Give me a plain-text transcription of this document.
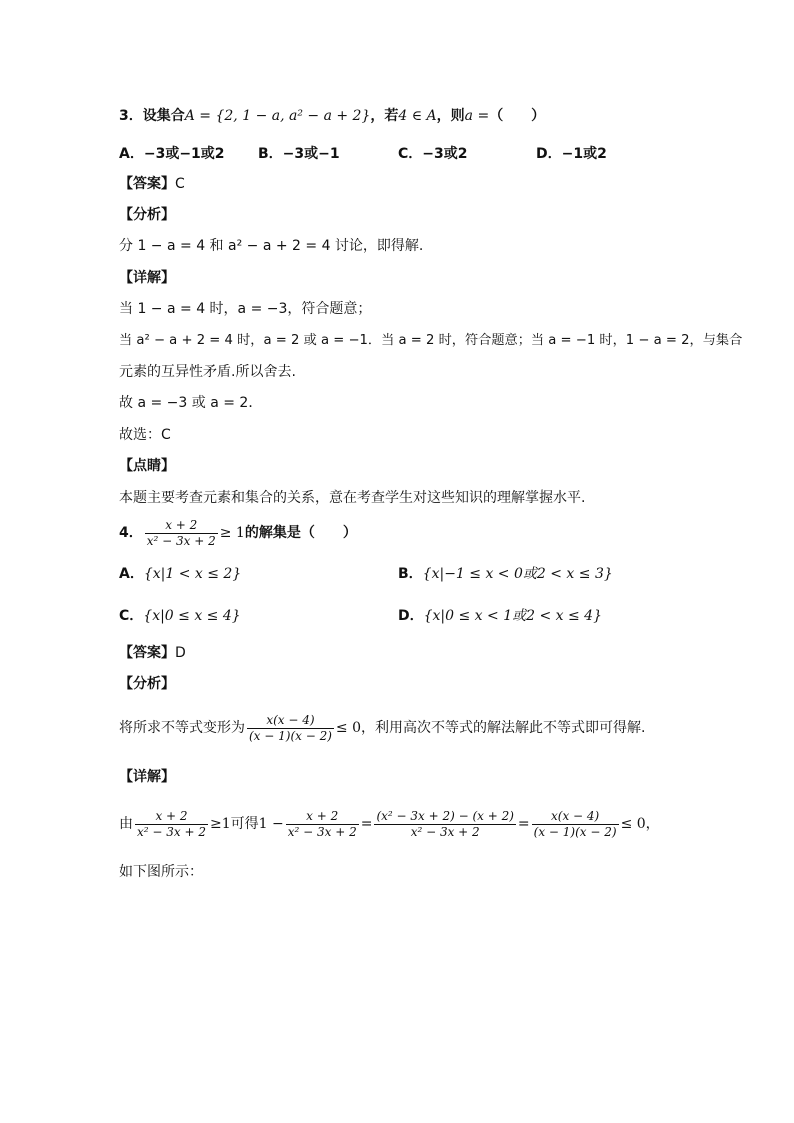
3．设集合A = {2, 1 − a, a² − a + 2}，若4 ∈ A，则a =（　　）
A．−3或−1或2 B．−3或−1	C．−3或2	D．−1或2
【答案】C
【分析】
分 1 − a = 4 和 a² − a + 2 = 4 讨论，即得解.
【详解】
当 1 − a = 4 时，a = −3，符合题意；
当 a² − a + 2 = 4 时，a = 2 或 a = −1．当 a = 2 时，符合题意；当 a = −1 时，1 − a = 2，与集合
元素的互异性矛盾.所以舍去.
故 a = −3 或 a = 2．
故选：C
【点睛】
本题主要考查元素和集合的关系，意在考查学生对这些知识的理解掌握水平.
4． $\frac{x + 2}{\text{x² − 3x + 2}} \ge 1$的解集是（　　）
A．{x|1 < x ≤ 2}	B．{x|−1 ≤ x < 0或2 < x ≤ 3}
C．{x|0 ≤ x ≤ 4}	D．{x|0 ≤ x < 1或2 < x ≤ 4}
【答案】D
【分析】
将所求不等式变形为 $\frac{x(x - 4)}{(x - 1)(x - 2)} \le 0$，利用高次不等式的解法解此不等式即可得解.
【详解】
由 $\frac{x + 2}{\text{x² − 3x + 2}} \ge 1$可得$1 - \frac{x + 2}{\text{x² − 3x + 2}} = \frac{\text{(x² − 3x + 2) − (x + 2)}}{\text{x² − 3x + 2}} = \frac{x(x - 4)}{(x - 1)(x - 2)} \le 0$，
如下图所示：
